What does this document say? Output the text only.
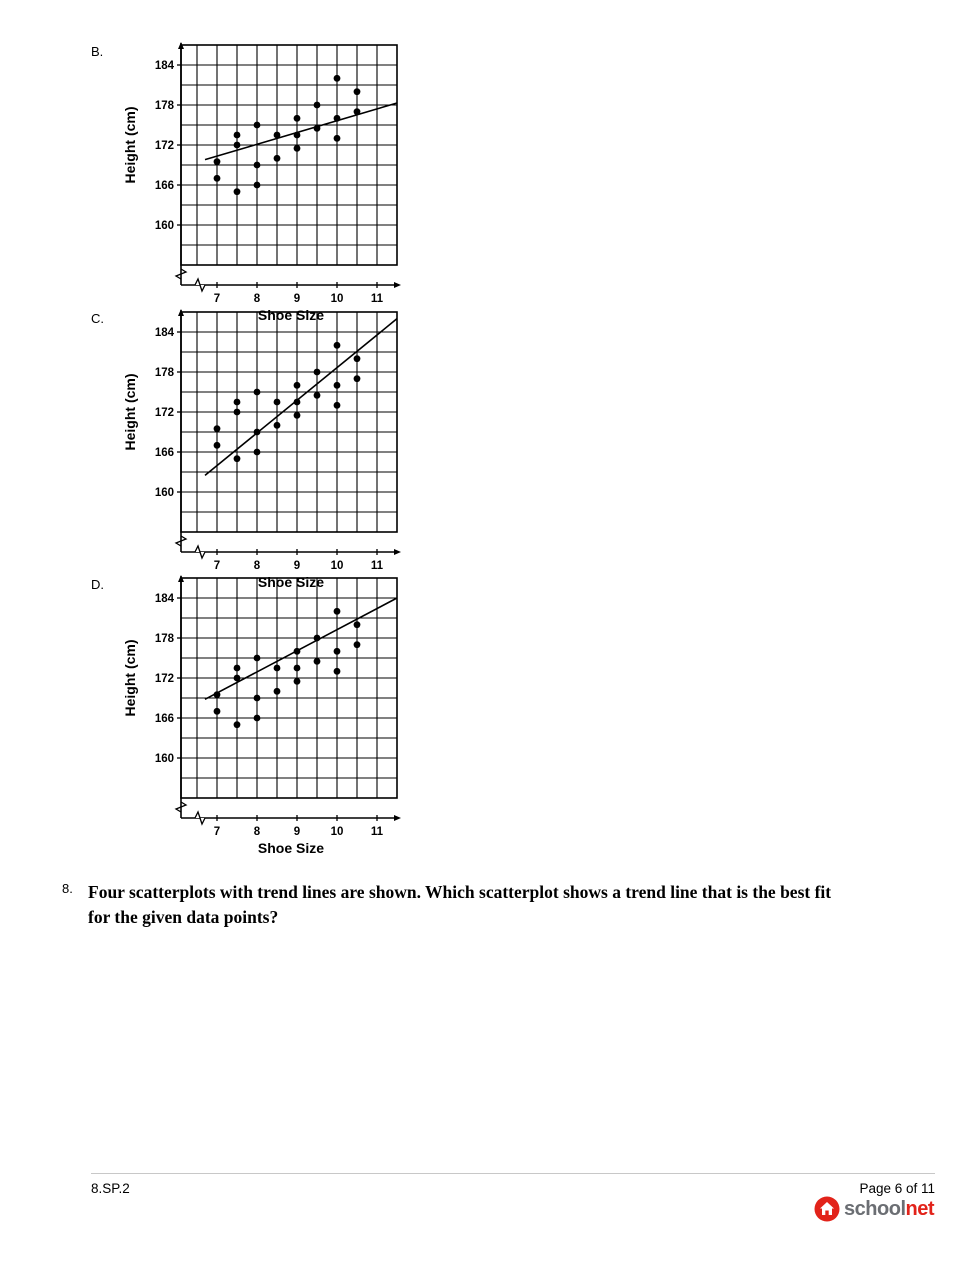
B.
160
166
172
178
184
7	8	9	10 11
Shoe Size
Height (cm)
C.
160
166
172
178
184
7	8	9	10 11
Shoe Size
Height (cm)
D.
160
166
172
178
184
7	8	9	10 11
Shoe Size
Height (cm)
8. Four scatterplots with trend lines are shown. Which scatterplot shows a trend line that is the best fit for the given data points?
8.SP.2	Page 6 of 11
schoolnet
